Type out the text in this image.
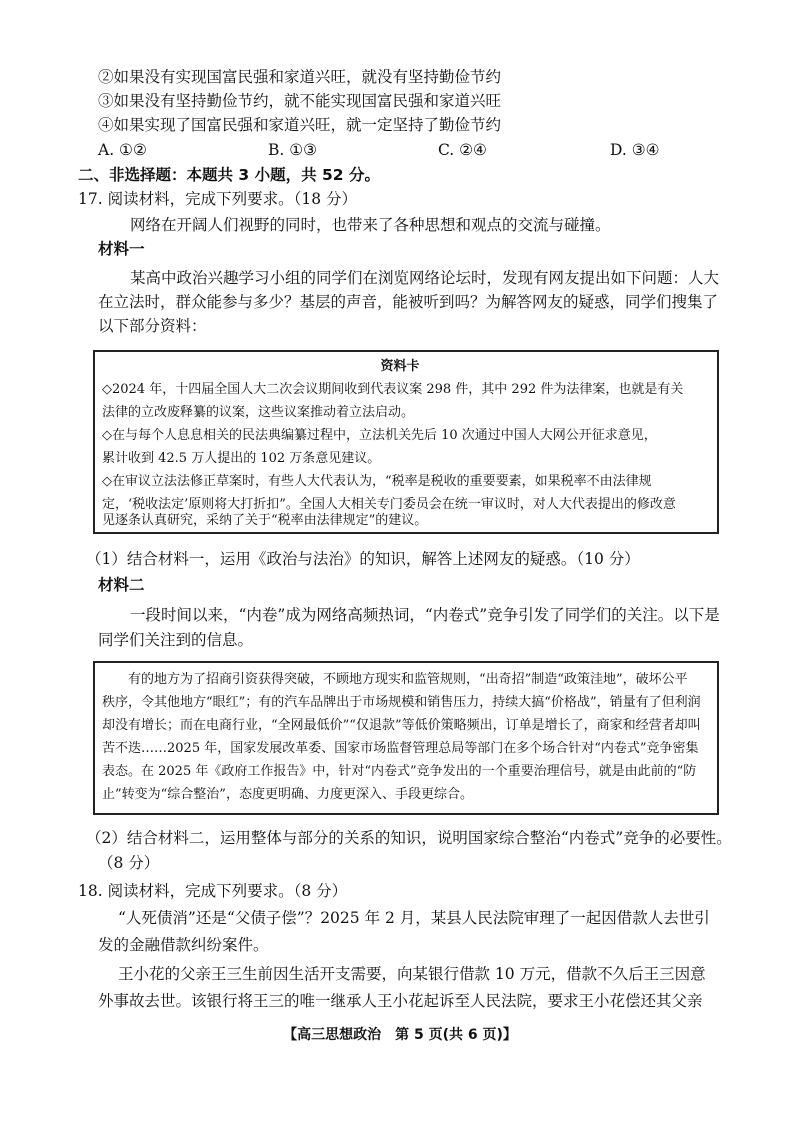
②如果没有实现国富民强和家道兴旺，就没有坚持勤俭节约
③如果没有坚持勤俭节约，就不能实现国富民强和家道兴旺
④如果实现了国富民强和家道兴旺，就一定坚持了勤俭节约
A. ①②	B. ①③	C. ②④	D. ③④
二、非选择题：本题共 3 小题，共 52 分。
17. 阅读材料，完成下列要求。（18 分）
网络在开阔人们视野的同时，也带来了各种思想和观点的交流与碰撞。
材料一
某高中政治兴趣学习小组的同学们在浏览网络论坛时，发现有网友提出如下问题：人大
在立法时，群众能参与多少？基层的声音，能被听到吗？为解答网友的疑惑，同学们搜集了
以下部分资料：
资料卡
◇2024 年，十四届全国人大二次会议期间收到代表议案 298 件，其中 292 件为法律案，也就是有关
法律的立改废释纂的议案，这些议案推动着立法启动。
◇在与每个人息息相关的民法典编纂过程中，立法机关先后 10 次通过中国人大网公开征求意见，
累计收到 42.5 万人提出的 102 万条意见建议。
◇在审议立法法修正草案时，有些人大代表认为，“税率是税收的重要要素，如果税率不由法律规
定，‘税收法定’原则将大打折扣”。全国人大相关专门委员会在统一审议时，对人大代表提出的修改意
见逐条认真研究，采纳了关于“税率由法律规定”的建议。
（1）结合材料一，运用《政治与法治》的知识，解答上述网友的疑惑。（10 分）
材料二
一段时间以来，“内卷”成为网络高频热词，“内卷式”竞争引发了同学们的关注。以下是
同学们关注到的信息。
有的地方为了招商引资获得突破，不顾地方现实和监管规则，“出奇招”制造“政策洼地”，破坏公平
秩序，令其他地方“眼红”；有的汽车品牌出于市场规模和销售压力，持续大搞“价格战”，销量有了但利润
却没有增长；而在电商行业，“全网最低价”“仅退款”等低价策略频出，订单是增长了，商家和经营者却叫
苦不迭……2025 年，国家发展改革委、国家市场监督管理总局等部门在多个场合针对“内卷式”竞争密集
表态。在 2025 年《政府工作报告》中，针对“内卷式”竞争发出的一个重要治理信号，就是由此前的“防
止”转变为“综合整治”，态度更明确、力度更深入、手段更综合。
（2）结合材料二，运用整体与部分的关系的知识，说明国家综合整治“内卷式”竞争的必要性。
（8 分）
18. 阅读材料，完成下列要求。（8 分）
“人死债消”还是“父债子偿”？2025 年 2 月，某县人民法院审理了一起因借款人去世引
发的金融借款纠纷案件。
王小花的父亲王三生前因生活开支需要，向某银行借款 10 万元，借款不久后王三因意
外事故去世。该银行将王三的唯一继承人王小花起诉至人民法院，要求王小花偿还其父亲
【高三思想政治　第 5 页(共 6 页)】
